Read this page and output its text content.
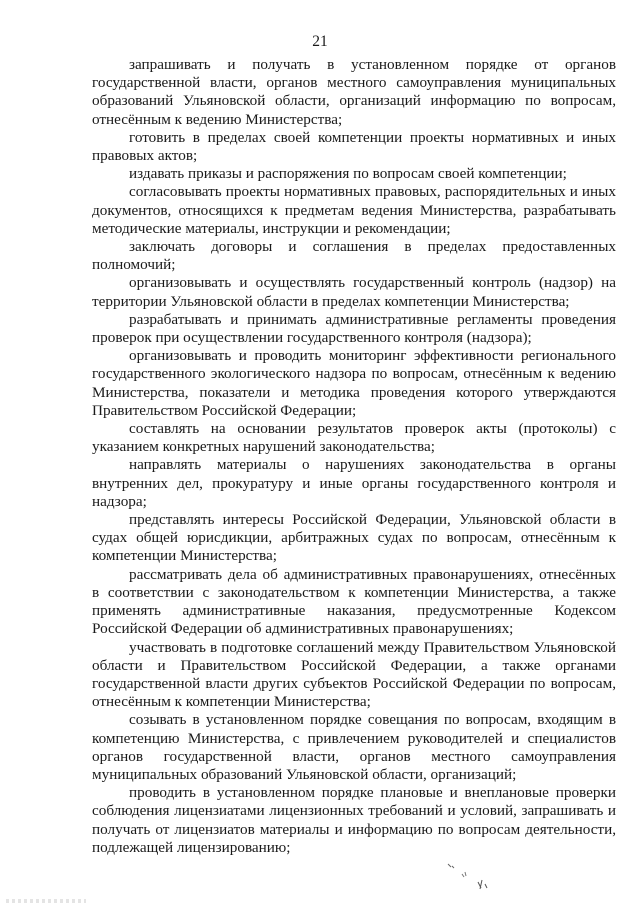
21

запрашивать и получать в установленном порядке от органов государственной власти, органов местного самоуправления муниципальных образований Ульяновской области, организаций информацию по вопросам, отнесённым к ведению Министерства;

готовить в пределах своей компетенции проекты нормативных и иных правовых актов;

издавать приказы и распоряжения по вопросам своей компетенции;

согласовывать проекты нормативных правовых, распорядительных и иных документов, относящихся к предметам ведения Министерства, разрабатывать методические материалы, инструкции и рекомендации;

заключать договоры и соглашения в пределах предоставленных полномочий;

организовывать и осуществлять государственный контроль (надзор) на территории Ульяновской области в пределах компетенции Министерства;

разрабатывать и принимать административные регламенты проведения проверок при осуществлении государственного контроля (надзора);

организовывать и проводить мониторинг эффективности регионального государственного экологического надзора по вопросам, отнесённым к ведению Министерства, показатели и методика проведения которого утверждаются Правительством Российской Федерации;

составлять на основании результатов проверок акты (протоколы) с указанием конкретных нарушений законодательства;

направлять материалы о нарушениях законодательства в органы внутренних дел, прокуратуру и иные органы государственного контроля и надзора;

представлять интересы Российской Федерации, Ульяновской области в судах общей юрисдикции, арбитражных судах по вопросам, отнесённым к компетенции Министерства;

рассматривать дела об административных правонарушениях, отнесённых в соответствии с законодательством к компетенции Министерства, а также применять административные наказания, предусмотренные Кодексом Российской Федерации об административных правонарушениях;

участвовать в подготовке соглашений между Правительством Ульяновской области и Правительством Российской Федерации, а также органами государственной власти других субъектов Российской Федерации по вопросам, отнесённым к компетенции Министерства;

созывать в установленном порядке совещания по вопросам, входящим в компетенцию Министерства, с привлечением руководителей и специалистов органов государственной власти, органов местного самоуправления муниципальных образований Ульяновской области, организаций;

проводить в установленном порядке плановые и внеплановые проверки соблюдения лицензиатами лицензионных требований и условий, запрашивать и получать от лицензиатов материалы и информацию по вопросам деятельности, подлежащей лицензированию;
